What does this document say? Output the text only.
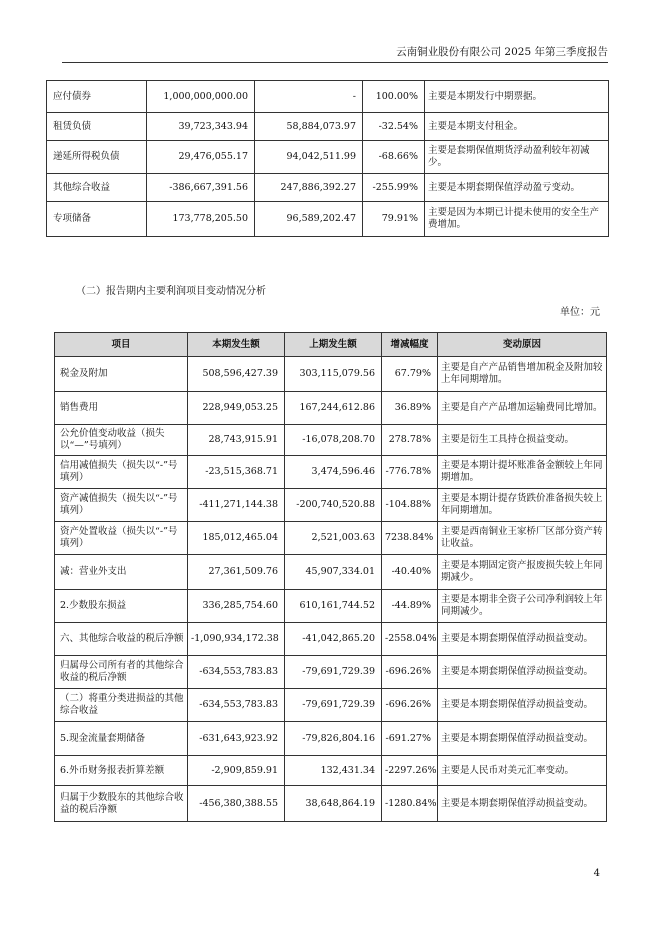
云南铜业股份有限公司 2025 年第三季度报告
应付债券	1,000,000,000.00	-	100.00%	主要是本期发行中期票据。
租赁负债	39,723,343.94	58,884,073.97	-32.54%	主要是本期支付租金。
递延所得税负债	29,476,055.17	94,042,511.99	-68.66%	主要是套期保值期货浮动盈利较年初减少。
其他综合收益	-386,667,391.56	247,886,392.27	-255.99%	主要是本期套期保值浮动盈亏变动。
专项储备	173,778,205.50	96,589,202.47	79.91%	主要是因为本期已计提未使用的安全生产费增加。
（二）报告期内主要利润项目变动情况分析
单位：元
项目	本期发生额	上期发生额	增减幅度	变动原因
税金及附加	508,596,427.39	303,115,079.56	67.79%	主要是自产产品销售增加税金及附加较上年同期增加。
销售费用	228,949,053.25	167,244,612.86	36.89%	主要是自产产品增加运输费同比增加。
公允价值变动收益（损失以“—”号填列）	28,743,915.91	-16,078,208.70	278.78%	主要是衍生工具持仓损益变动。
信用减值损失（损失以“-”号填列）	-23,515,368.71	3,474,596.46	-776.78%	主要是本期计提坏账准备金额较上年同期增加。
资产减值损失（损失以“-”号填列）	-411,271,144.38	-200,740,520.88	-104.88%	主要是本期计提存货跌价准备损失较上年同期增加。
资产处置收益（损失以“-”号填列）	185,012,465.04	2,521,003.63	7238.84%	主要是西南铜业王家桥厂区部分资产转让收益。
减：营业外支出	27,361,509.76	45,907,334.01	-40.40%	主要是本期固定资产报废损失较上年同期减少。
2.少数股东损益	336,285,754.60	610,161,744.52	-44.89%	主要是本期非全资子公司净利润较上年同期减少。
六、其他综合收益的税后净额	-1,090,934,172.38	-41,042,865.20	-2558.04%	主要是本期套期保值浮动损益变动。
归属母公司所有者的其他综合收益的税后净额	-634,553,783.83	-79,691,729.39	-696.26%	主要是本期套期保值浮动损益变动。
（二）将重分类进损益的其他综合收益	-634,553,783.83	-79,691,729.39	-696.26%	主要是本期套期保值浮动损益变动。
5.现金流量套期储备	-631,643,923.92	-79,826,804.16	-691.27%	主要是本期套期保值浮动损益变动。
6.外币财务报表折算差额	-2,909,859.91	132,431.34	-2297.26%	主要是人民币对美元汇率变动。
归属于少数股东的其他综合收益的税后净额	-456,380,388.55	38,648,864.19	-1280.84%	主要是本期套期保值浮动损益变动。
4
